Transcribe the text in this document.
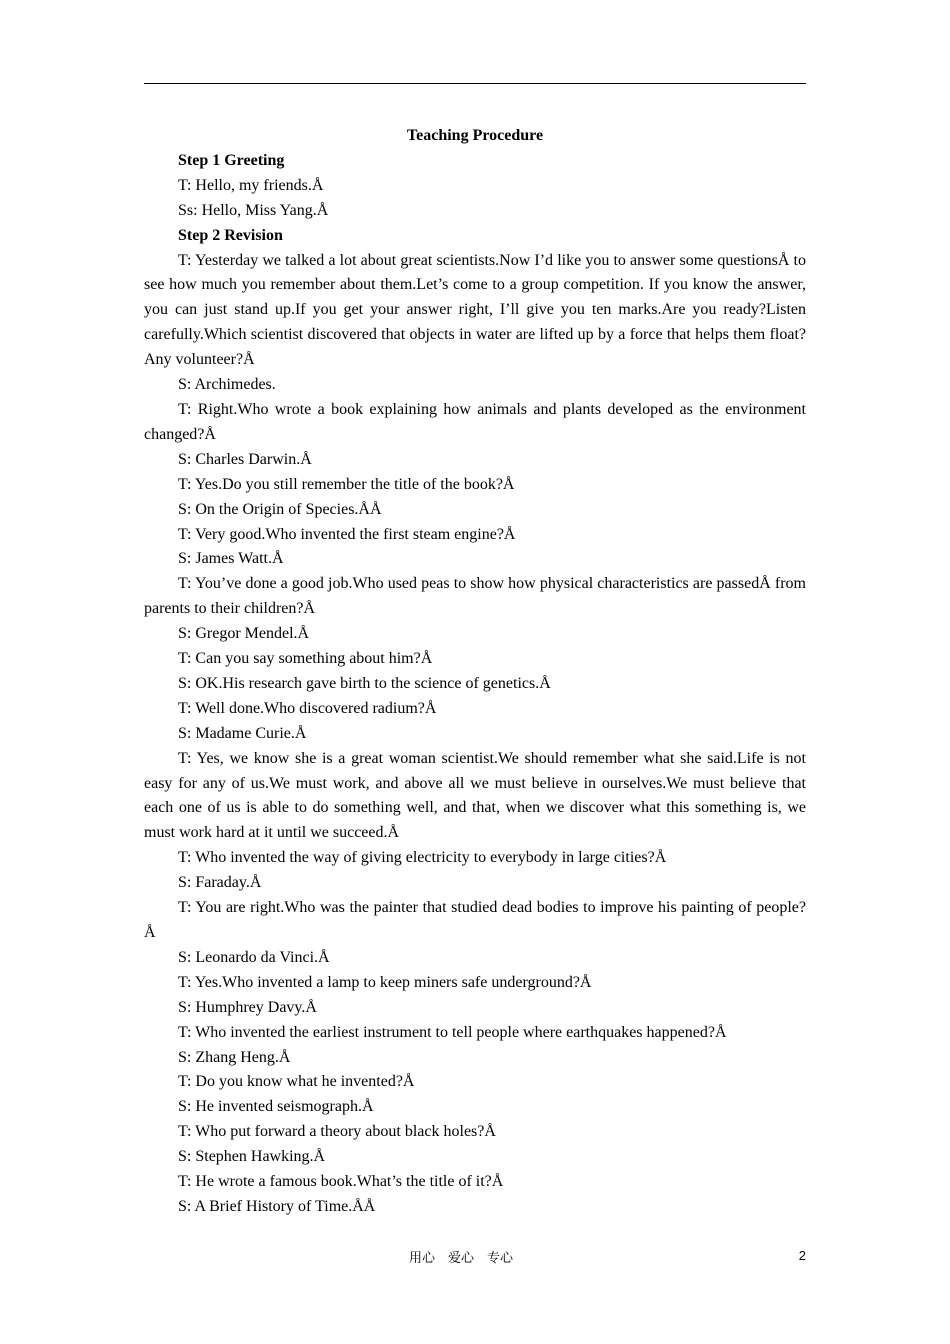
Teaching Procedure

Step 1 Greeting

T: Hello, my friends.Å

Ss: Hello, Miss Yang.Å

Step 2 Revision

T: Yesterday we talked a lot about great scientists.Now I’d like you to answer some questionsÅ to see how much you remember about them.Let’s come to a group competition. If you know the answer, you can just stand up.If you get your answer right, I’ll give you ten marks.Are you ready?Listen carefully.Which scientist discovered that objects in water are lifted up by a force that helps them float?Any volunteer?Å

S: Archimedes.

T: Right.Who wrote a book explaining how animals and plants developed as the environment changed?Å

S: Charles Darwin.Å

T: Yes.Do you still remember the title of the book?Å

S: On the Origin of Species.ÅÅ

T: Very good.Who invented the first steam engine?Å

S: James Watt.Å

T: You’ve done a good job.Who used peas to show how physical characteristics are passedÅ from parents to their children?Å

S: Gregor Mendel.Å

T: Can you say something about him?Å

S: OK.His research gave birth to the science of genetics.Å

T: Well done.Who discovered radium?Å

S: Madame Curie.Å

T: Yes, we know she is a great woman scientist.We should remember what she said.Life is not easy for any of us.We must work, and above all we must believe in ourselves.We must believe that each one of us is able to do something well, and that, when we discover what this something is, we must work hard at it until we succeed.Å

T: Who invented the way of giving electricity to everybody in large cities?Å

S: Faraday.Å

T: You are right.Who was the painter that studied dead bodies to improve his painting of people?Å

S: Leonardo da Vinci.Å

T: Yes.Who invented a lamp to keep miners safe underground?Å

S: Humphrey Davy.Å

T: Who invented the earliest instrument to tell people where earthquakes happened?Å

S: Zhang Heng.Å

T: Do you know what he invented?Å

S: He invented seismograph.Å

T: Who put forward a theory about black holes?Å

S: Stephen Hawking.Å

T: He wrote a famous book.What’s the title of it?Å

S: A Brief History of Time.ÅÅ

用心　爱心　专心	2
